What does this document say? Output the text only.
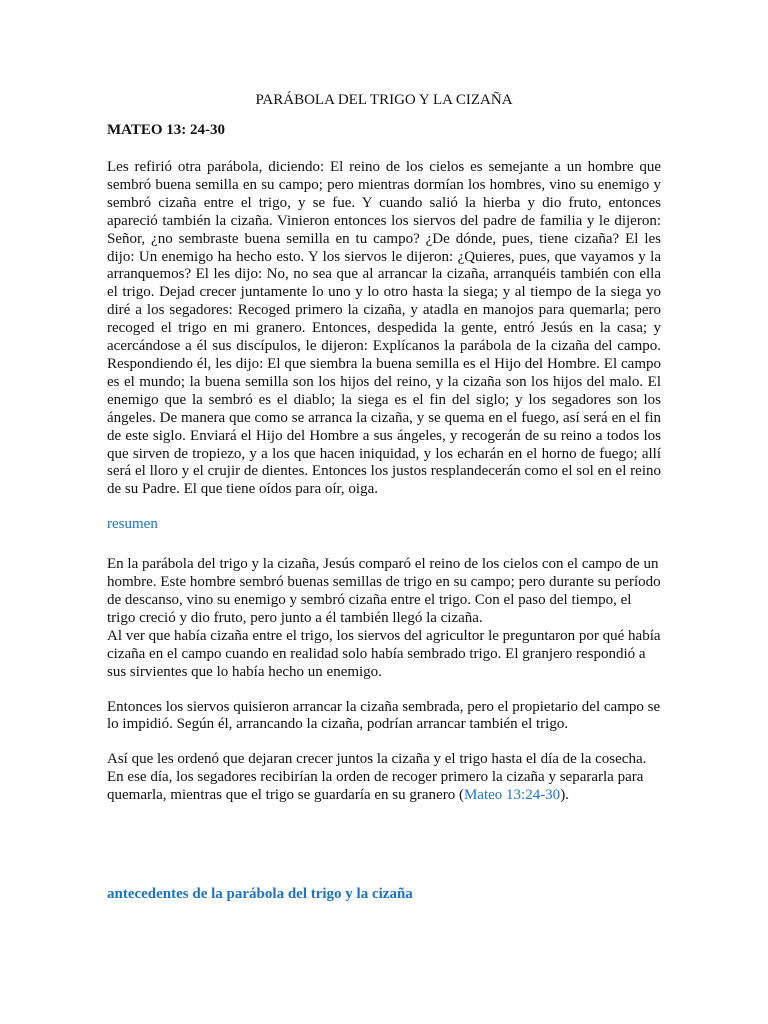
PARÁBOLA DEL TRIGO Y LA CIZAÑA

MATEO 13: 24-30

Les refirió otra parábola, diciendo: El reino de los cielos es semejante a un hombre que sembró buena semilla en su campo; pero mientras dormían los hombres, vino su enemigo y sembró cizaña entre el trigo, y se fue. Y cuando salió la hierba y dio fruto, entonces apareció también la cizaña. Vinieron entonces los siervos del padre de familia y le dijeron: Señor, ¿no sembraste buena semilla en tu campo? ¿De dónde, pues, tiene cizaña? El les dijo: Un enemigo ha hecho esto. Y los siervos le dijeron: ¿Quieres, pues, que vayamos y la arranquemos? El les dijo: No, no sea que al arrancar la cizaña, arranquéis también con ella el trigo. Dejad crecer juntamente lo uno y lo otro hasta la siega; y al tiempo de la siega yo diré a los segadores: Recoged primero la cizaña, y atadla en manojos para quemarla; pero recoged el trigo en mi granero. Entonces, despedida la gente, entró Jesús en la casa; y acercándose a él sus discípulos, le dijeron: Explícanos la parábola de la cizaña del campo. Respondiendo él, les dijo: El que siembra la buena semilla es el Hijo del Hombre. El campo es el mundo; la buena semilla son los hijos del reino, y la cizaña son los hijos del malo. El enemigo que la sembró es el diablo; la siega es el fin del siglo; y los segadores son los ángeles. De manera que como se arranca la cizaña, y se quema en el fuego, así será en el fin de este siglo. Enviará el Hijo del Hombre a sus ángeles, y recogerán de su reino a todos los que sirven de tropiezo, y a los que hacen iniquidad, y los echarán en el horno de fuego; allí será el lloro y el crujir de dientes. Entonces los justos resplandecerán como el sol en el reino de su Padre. El que tiene oídos para oír, oiga.

resumen

En la parábola del trigo y la cizaña, Jesús comparó el reino de los cielos con el campo de un hombre. Este hombre sembró buenas semillas de trigo en su campo; pero durante su período de descanso, vino su enemigo y sembró cizaña entre el trigo. Con el paso del tiempo, el trigo creció y dio fruto, pero junto a él también llegó la cizaña.

Al ver que había cizaña entre el trigo, los siervos del agricultor le preguntaron por qué había cizaña en el campo cuando en realidad solo había sembrado trigo. El granjero respondió a sus sirvientes que lo había hecho un enemigo.

Entonces los siervos quisieron arrancar la cizaña sembrada, pero el propietario del campo se lo impidió. Según él, arrancando la cizaña, podrían arrancar también el trigo.

Así que les ordenó que dejaran crecer juntos la cizaña y el trigo hasta el día de la cosecha. En ese día, los segadores recibirían la orden de recoger primero la cizaña y separarla para quemarla, mientras que el trigo se guardaría en su granero (Mateo 13:24-30).

antecedentes de la parábola del trigo y la cizaña
